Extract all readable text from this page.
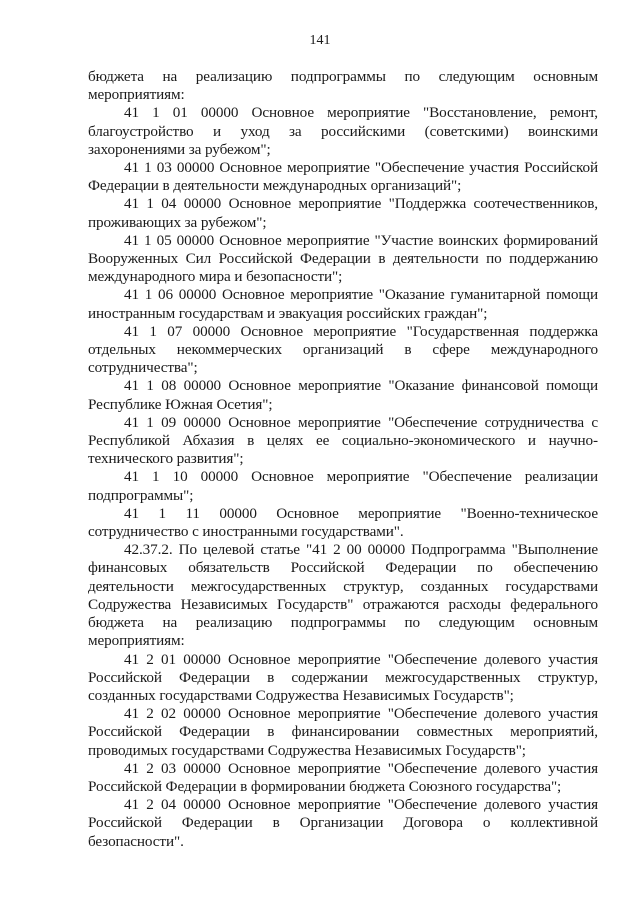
141

бюджета на реализацию подпрограммы по следующим основным мероприятиям:

41 1 01 00000 Основное мероприятие "Восстановление, ремонт, благоустройство и уход за российскими (советскими) воинскими захоронениями за рубежом";

41 1 03 00000 Основное мероприятие "Обеспечение участия Российской Федерации в деятельности международных организаций";

41 1 04 00000 Основное мероприятие "Поддержка соотечественников, проживающих за рубежом";

41 1 05 00000 Основное мероприятие "Участие воинских формирований Вооруженных Сил Российской Федерации в деятельности по поддержанию международного мира и безопасности";

41 1 06 00000 Основное мероприятие "Оказание гуманитарной помощи иностранным государствам и эвакуация российских граждан";

41 1 07 00000 Основное мероприятие "Государственная поддержка отдельных некоммерческих организаций в сфере международного сотрудничества";

41 1 08 00000 Основное мероприятие "Оказание финансовой помощи Республике Южная Осетия";

41 1 09 00000 Основное мероприятие "Обеспечение сотрудничества с Республикой Абхазия в целях ее социально-экономического и научно-технического развития";

41 1 10 00000 Основное мероприятие "Обеспечение реализации подпрограммы";

41 1 11 00000 Основное мероприятие "Военно-техническое сотрудничество с иностранными государствами".

42.37.2. По целевой статье "41 2 00 00000 Подпрограмма "Выполнение финансовых обязательств Российской Федерации по обеспечению деятельности межгосударственных структур, созданных государствами Содружества Независимых Государств" отражаются расходы федерального бюджета на реализацию подпрограммы по следующим основным мероприятиям:

41 2 01 00000 Основное мероприятие "Обеспечение долевого участия Российской Федерации в содержании межгосударственных структур, созданных государствами Содружества Независимых Государств";

41 2 02 00000 Основное мероприятие "Обеспечение долевого участия Российской Федерации в финансировании совместных мероприятий, проводимых государствами Содружества Независимых Государств";

41 2 03 00000 Основное мероприятие "Обеспечение долевого участия Российской Федерации в формировании бюджета Союзного государства";

41 2 04 00000 Основное мероприятие "Обеспечение долевого участия Российской Федерации в Организации Договора о коллективной безопасности".
